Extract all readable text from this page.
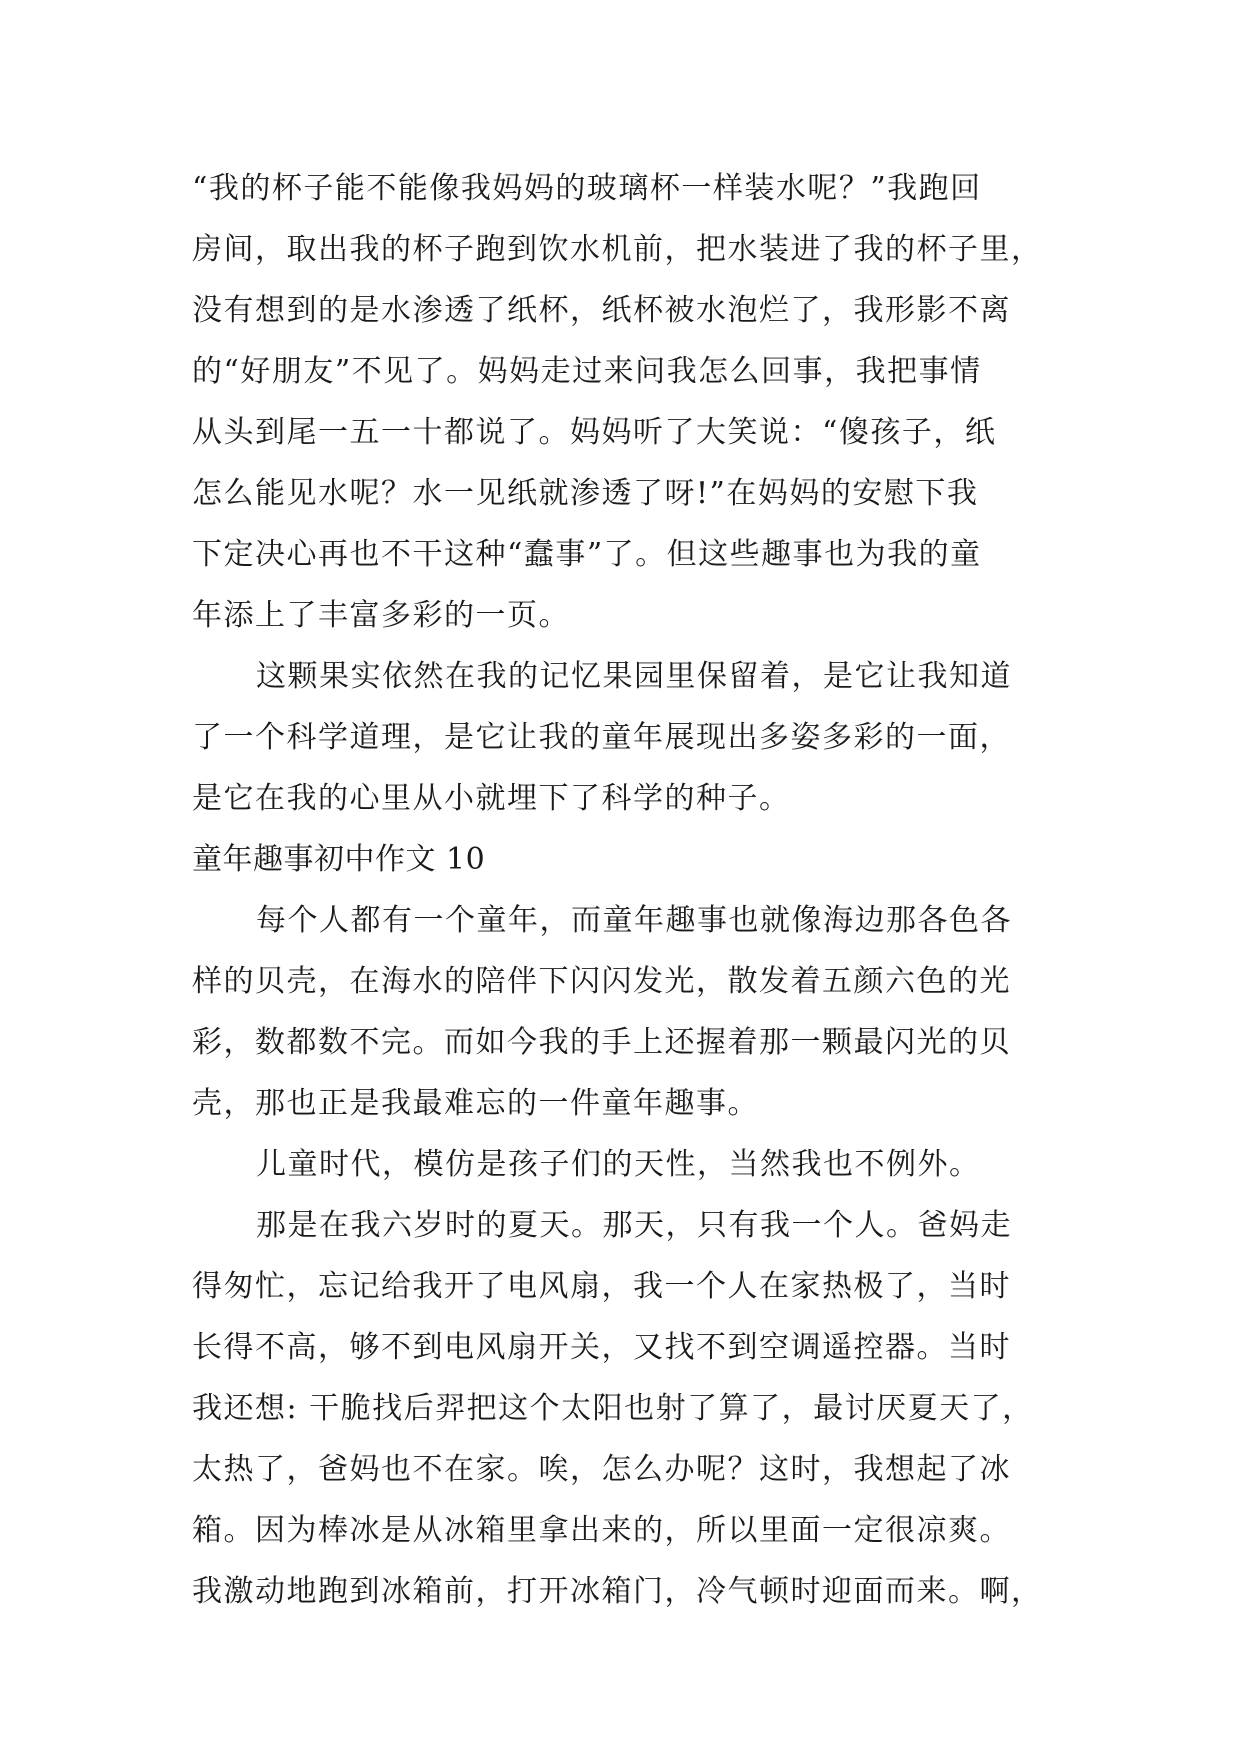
“我的杯子能不能像我妈妈的玻璃杯一样装水呢？”我跑回
房间，取出我的杯子跑到饮水机前，把水装进了我的杯子里，
没有想到的是水渗透了纸杯，纸杯被水泡烂了，我形影不离
的“好朋友”不见了。妈妈走过来问我怎么回事，我把事情
从头到尾一五一十都说了。妈妈听了大笑说：“傻孩子，纸
怎么能见水呢？水一见纸就渗透了呀!”在妈妈的安慰下我
下定决心再也不干这种“蠢事”了。但这些趣事也为我的童
年添上了丰富多彩的一页。
这颗果实依然在我的记忆果园里保留着，是它让我知道
了一个科学道理，是它让我的童年展现出多姿多彩的一面，
是它在我的心里从小就埋下了科学的种子。
童年趣事初中作文 10
每个人都有一个童年，而童年趣事也就像海边那各色各
样的贝壳，在海水的陪伴下闪闪发光，散发着五颜六色的光
彩，数都数不完。而如今我的手上还握着那一颗最闪光的贝
壳，那也正是我最难忘的一件童年趣事。
儿童时代，模仿是孩子们的天性，当然我也不例外。
那是在我六岁时的夏天。那天，只有我一个人。爸妈走
得匆忙，忘记给我开了电风扇，我一个人在家热极了，当时
长得不高，够不到电风扇开关，又找不到空调遥控器。当时
我还想: 干脆找后羿把这个太阳也射了算了，最讨厌夏天了，
太热了，爸妈也不在家。唉，怎么办呢？这时，我想起了冰
箱。因为棒冰是从冰箱里拿出来的，所以里面一定很凉爽。
我激动地跑到冰箱前，打开冰箱门，冷气顿时迎面而来。啊，
